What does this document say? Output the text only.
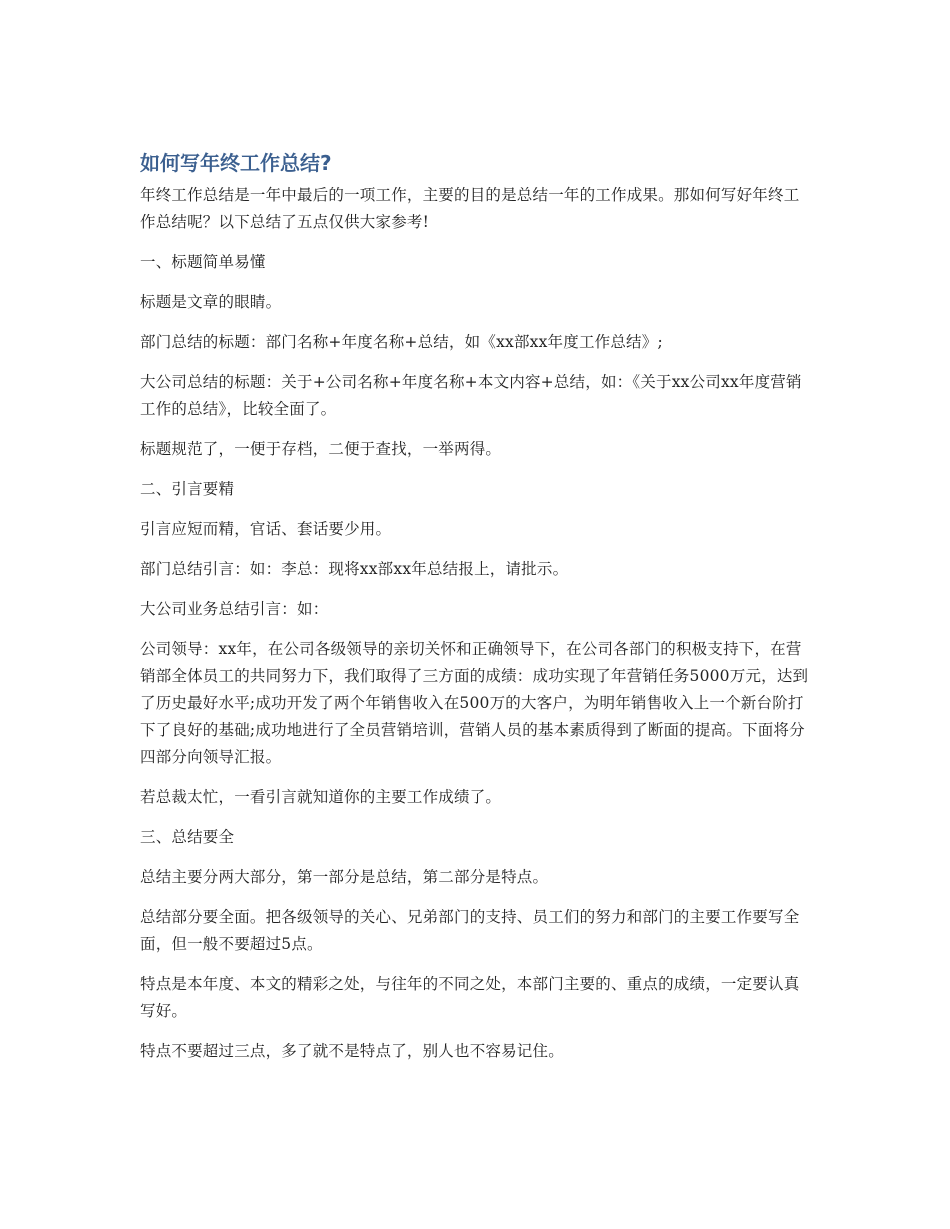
如何写年终工作总结?

年终工作总结是一年中最后的一项工作，主要的目的是总结一年的工作成果。那如何写好年终工作总结呢？以下总结了五点仅供大家参考!

一、标题简单易懂

标题是文章的眼睛。

部门总结的标题：部门名称+年度名称+总结，如《xx部xx年度工作总结》;

大公司总结的标题：关于+公司名称+年度名称+本文内容+总结，如：《关于xx公司xx年度营销工作的总结》，比较全面了。

标题规范了，一便于存档，二便于查找，一举两得。

二、引言要精

引言应短而精，官话、套话要少用。

部门总结引言：如：李总：现将xx部xx年总结报上，请批示。

大公司业务总结引言：如：

公司领导：xx年，在公司各级领导的亲切关怀和正确领导下，在公司各部门的积极支持下，在营销部全体员工的共同努力下，我们取得了三方面的成绩：成功实现了年营销任务5000万元，达到了历史最好水平;成功开发了两个年销售收入在500万的大客户，为明年销售收入上一个新台阶打下了良好的基础;成功地进行了全员营销培训，营销人员的基本素质得到了断面的提高。下面将分四部分向领导汇报。

若总裁太忙，一看引言就知道你的主要工作成绩了。

三、总结要全

总结主要分两大部分，第一部分是总结，第二部分是特点。

总结部分要全面。把各级领导的关心、兄弟部门的支持、员工们的努力和部门的主要工作要写全面，但一般不要超过5点。

特点是本年度、本文的精彩之处，与往年的不同之处，本部门主要的、重点的成绩，一定要认真写好。

特点不要超过三点，多了就不是特点了，别人也不容易记住。
